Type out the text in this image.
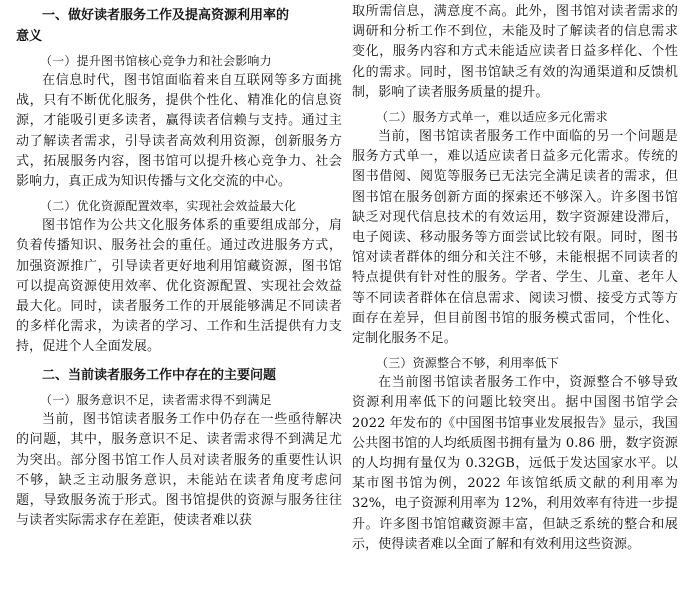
一、做好读者服务工作及提高资源利用率的

意义

（一）提升图书馆核心竞争力和社会影响力

在信息时代，图书馆面临着来自互联网等多方面挑战，只有不断优化服务，提供个性化、精准化的信息资源，才能吸引更多读者，赢得读者信赖与支持。通过主动了解读者需求，引导读者高效利用资源，创新服务方式，拓展服务内容，图书馆可以提升核心竞争力、社会影响力，真正成为知识传播与文化交流的中心。

（二）优化资源配置效率，实现社会效益最大化

图书馆作为公共文化服务体系的重要组成部分，肩负着传播知识、服务社会的重任。通过改进服务方式，加强资源推广，引导读者更好地利用馆藏资源，图书馆可以提高资源使用效率、优化资源配置、实现社会效益最大化。同时，读者服务工作的开展能够满足不同读者的多样化需求，为读者的学习、工作和生活提供有力支持，促进个人全面发展。

二、当前读者服务工作中存在的主要问题

（一）服务意识不足，读者需求得不到满足

当前，图书馆读者服务工作中仍存在一些亟待解决的问题，其中，服务意识不足、读者需求得不到满足尤为突出。部分图书馆工作人员对读者服务的重要性认识不够，缺乏主动服务意识，未能站在读者角度考虑问题，导致服务流于形式。图书馆提供的资源与服务往往与读者实际需求存在差距，使读者难以获

取所需信息，满意度不高。此外，图书馆对读者需求的调研和分析工作不到位，未能及时了解读者的信息需求变化，服务内容和方式未能适应读者日益多样化、个性化的需求。同时，图书馆缺乏有效的沟通渠道和反馈机制，影响了读者服务质量的提升。

（二）服务方式单一，难以适应多元化需求

当前，图书馆读者服务工作中面临的另一个问题是服务方式单一，难以适应读者日益多元化需求。传统的图书借阅、阅览等服务已无法完全满足读者的需求，但图书馆在服务创新方面的探索还不够深入。许多图书馆缺乏对现代信息技术的有效运用，数字资源建设滞后，电子阅读、移动服务等方面尝试比较有限。同时，图书馆对读者群体的细分和关注不够，未能根据不同读者的特点提供有针对性的服务。学者、学生、儿童、老年人等不同读者群体在信息需求、阅读习惯、接受方式等方面存在差异，但目前图书馆的服务模式雷同，个性化、定制化服务不足。

（三）资源整合不够，利用率低下

在当前图书馆读者服务工作中，资源整合不够导致资源利用率低下的问题比较突出。据中国图书馆学会 2022 年发布的《中国图书馆事业发展报告》显示，我国公共图书馆的人均纸质图书拥有量为 0.86 册，数字资源的人均拥有量仅为 0.32GB，远低于发达国家水平。以某市图书馆为例，2022 年该馆纸质文献的利用率为 32%，电子资源利用率为 12%，利用效率有待进一步提升。许多图书馆馆藏资源丰富，但缺乏系统的整合和展示，使得读者难以全面了解和有效利用这些资源。
